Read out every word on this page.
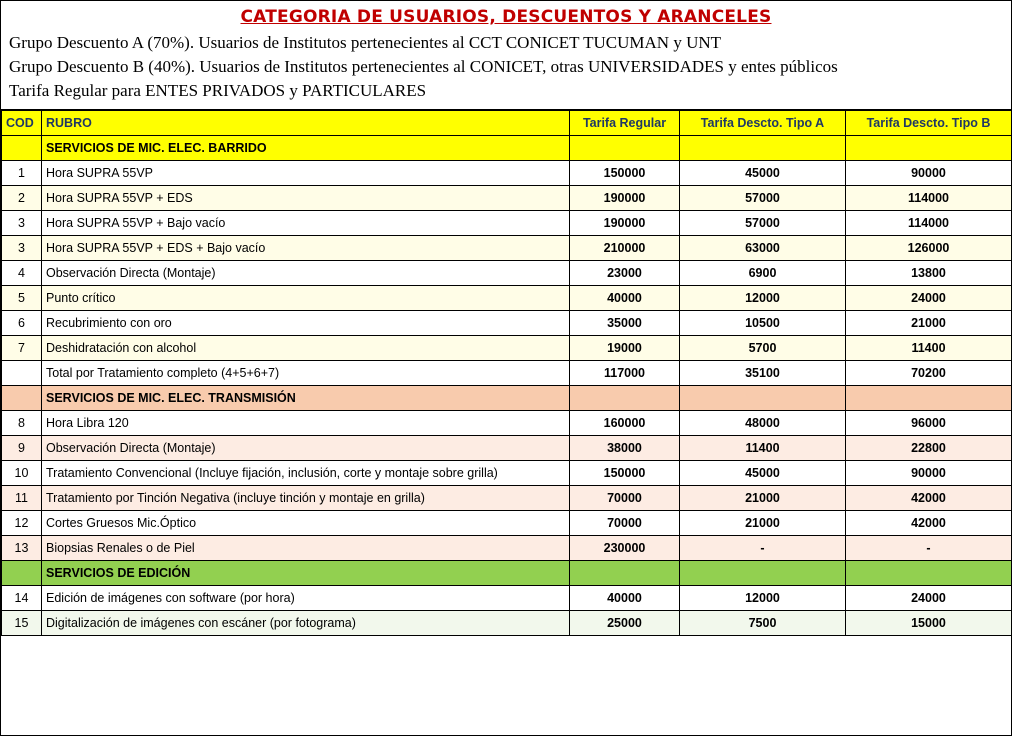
CATEGORIA DE USUARIOS, DESCUENTOS Y ARANCELES
Grupo Descuento A (70%). Usuarios de Institutos pertenecientes al CCT CONICET TUCUMAN y UNT
Grupo Descuento B (40%). Usuarios de Institutos pertenecientes al CONICET, otras UNIVERSIDADES y entes públicos
Tarifa Regular para ENTES PRIVADOS y PARTICULARES
COD	RUBRO	Tarifa Regular	Tarifa Descto. Tipo A	Tarifa Descto. Tipo B
	SERVICIOS DE MIC. ELEC. BARRIDO			
1	Hora SUPRA 55VP	150000	45000	90000
2	Hora SUPRA 55VP + EDS	190000	57000	114000
3	Hora SUPRA 55VP + Bajo vacío	190000	57000	114000
3	Hora SUPRA 55VP + EDS + Bajo vacío	210000	63000	126000
4	Observación Directa (Montaje)	23000	6900	13800
5	Punto crítico	40000	12000	24000
6	Recubrimiento con oro	35000	10500	21000
7	Deshidratación con alcohol	19000	5700	11400
	Total por Tratamiento completo (4+5+6+7)	117000	35100	70200
	SERVICIOS DE MIC. ELEC. TRANSMISIÓN			
8	Hora Libra 120	160000	48000	96000
9	Observación Directa (Montaje)	38000	11400	22800
10	Tratamiento Convencional (Incluye fijación, inclusión, corte y montaje sobre grilla)	150000	45000	90000
11	Tratamiento por Tinción Negativa (incluye tinción y montaje en grilla)	70000	21000	42000
12	Cortes Gruesos Mic.Óptico	70000	21000	42000
13	Biopsias Renales o de Piel	230000	-	-
	SERVICIOS DE EDICIÓN			
14	Edición de imágenes con software (por hora)	40000	12000	24000
15	Digitalización de imágenes con escáner (por fotograma)	25000	7500	15000
